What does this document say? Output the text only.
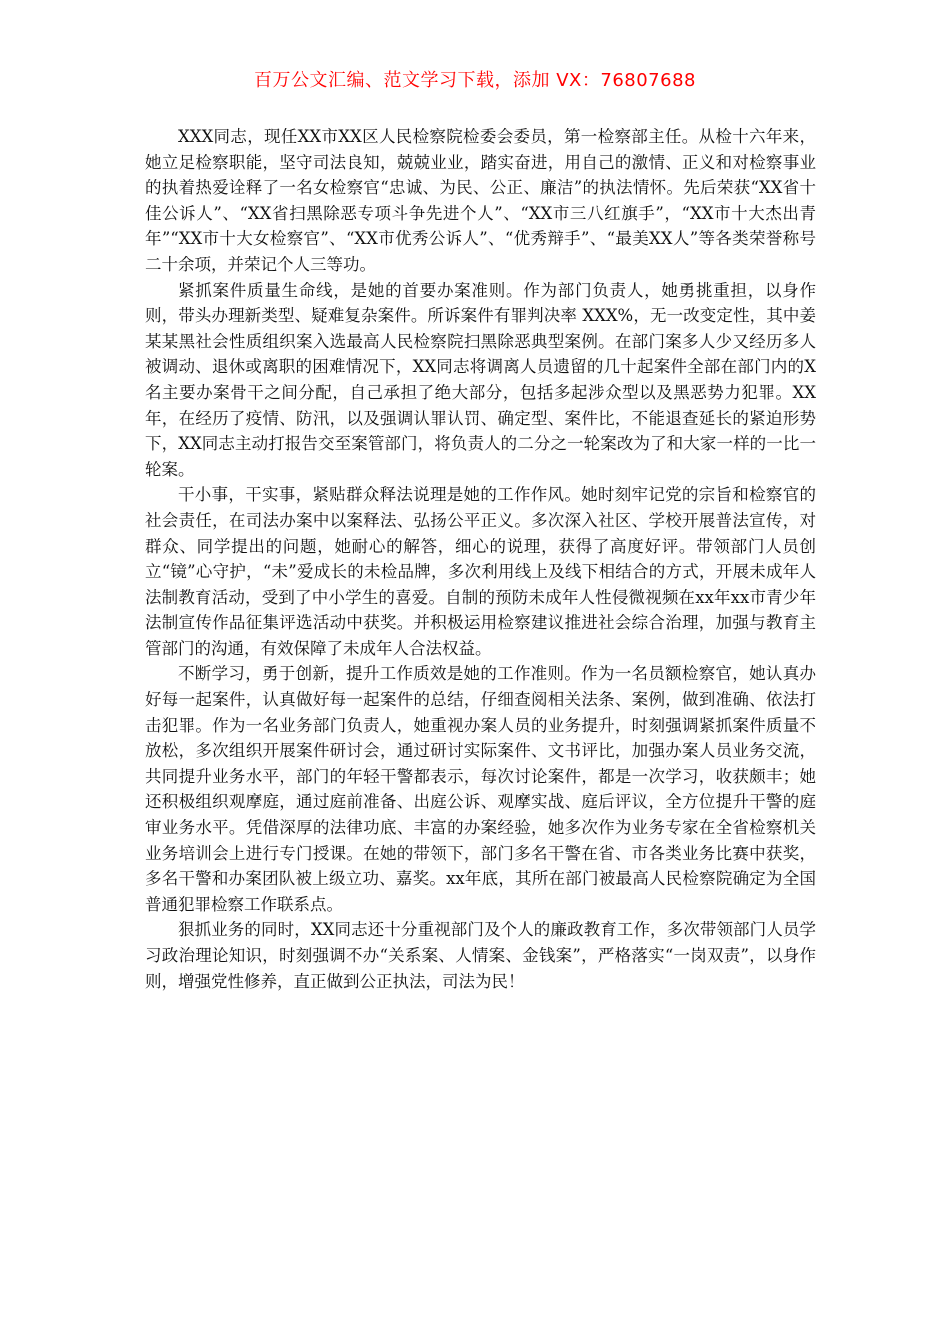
百万公文汇编、范文学习下载，添加 VX：76807688

XXX同志，现任XX市XX区人民检察院检委会委员，第一检察部主任。从检十六年来，她立足检察职能，坚守司法良知，兢兢业业，踏实奋进，用自己的激情、正义和对检察事业的执着热爱诠释了一名女检察官“忠诚、为民、公正、廉洁”的执法情怀。先后荣获“XX省十佳公诉人”、“XX省扫黑除恶专项斗争先进个人”、“XX市三八红旗手”，“XX市十大杰出青年”“XX市十大女检察官”、“XX市优秀公诉人”、“优秀辩手”、“最美XX人”等各类荣誉称号二十余项，并荣记个人三等功。

紧抓案件质量生命线，是她的首要办案准则。作为部门负责人，她勇挑重担，以身作则，带头办理新类型、疑难复杂案件。所诉案件有罪判决率 XXX%，无一改变定性，其中姜某某黑社会性质组织案入选最高人民检察院扫黑除恶典型案例。在部门案多人少又经历多人被调动、退休或离职的困难情况下，XX同志将调离人员遗留的几十起案件全部在部门内的X名主要办案骨干之间分配，自己承担了绝大部分，包括多起涉众型以及黑恶势力犯罪。XX年，在经历了疫情、防汛，以及强调认罪认罚、确定型、案件比，不能退查延长的紧迫形势下，XX同志主动打报告交至案管部门，将负责人的二分之一轮案改为了和大家一样的一比一轮案。

干小事，干实事，紧贴群众释法说理是她的工作作风。她时刻牢记党的宗旨和检察官的社会责任，在司法办案中以案释法、弘扬公平正义。多次深入社区、学校开展普法宣传，对群众、同学提出的问题，她耐心的解答，细心的说理，获得了高度好评。带领部门人员创立“镜”心守护，“未”爱成长的未检品牌，多次利用线上及线下相结合的方式，开展未成年人法制教育活动，受到了中小学生的喜爱。自制的预防未成年人性侵微视频在xx年xx市青少年法制宣传作品征集评选活动中获奖。并积极运用检察建议推进社会综合治理，加强与教育主管部门的沟通，有效保障了未成年人合法权益。

不断学习，勇于创新，提升工作质效是她的工作准则。作为一名员额检察官，她认真办好每一起案件，认真做好每一起案件的总结，仔细查阅相关法条、案例，做到准确、依法打击犯罪。作为一名业务部门负责人，她重视办案人员的业务提升，时刻强调紧抓案件质量不放松，多次组织开展案件研讨会，通过研讨实际案件、文书评比，加强办案人员业务交流，共同提升业务水平，部门的年轻干警都表示，每次讨论案件，都是一次学习，收获颇丰；她还积极组织观摩庭，通过庭前准备、出庭公诉、观摩实战、庭后评议，全方位提升干警的庭审业务水平。凭借深厚的法律功底、丰富的办案经验，她多次作为业务专家在全省检察机关业务培训会上进行专门授课。在她的带领下，部门多名干警在省、市各类业务比赛中获奖，多名干警和办案团队被上级立功、嘉奖。xx年底，其所在部门被最高人民检察院确定为全国普通犯罪检察工作联系点。

狠抓业务的同时，XX同志还十分重视部门及个人的廉政教育工作，多次带领部门人员学习政治理论知识，时刻强调不办“关系案、人情案、金钱案”，严格落实“一岗双责”，以身作则，增强党性修养，直正做到公正执法，司法为民！
